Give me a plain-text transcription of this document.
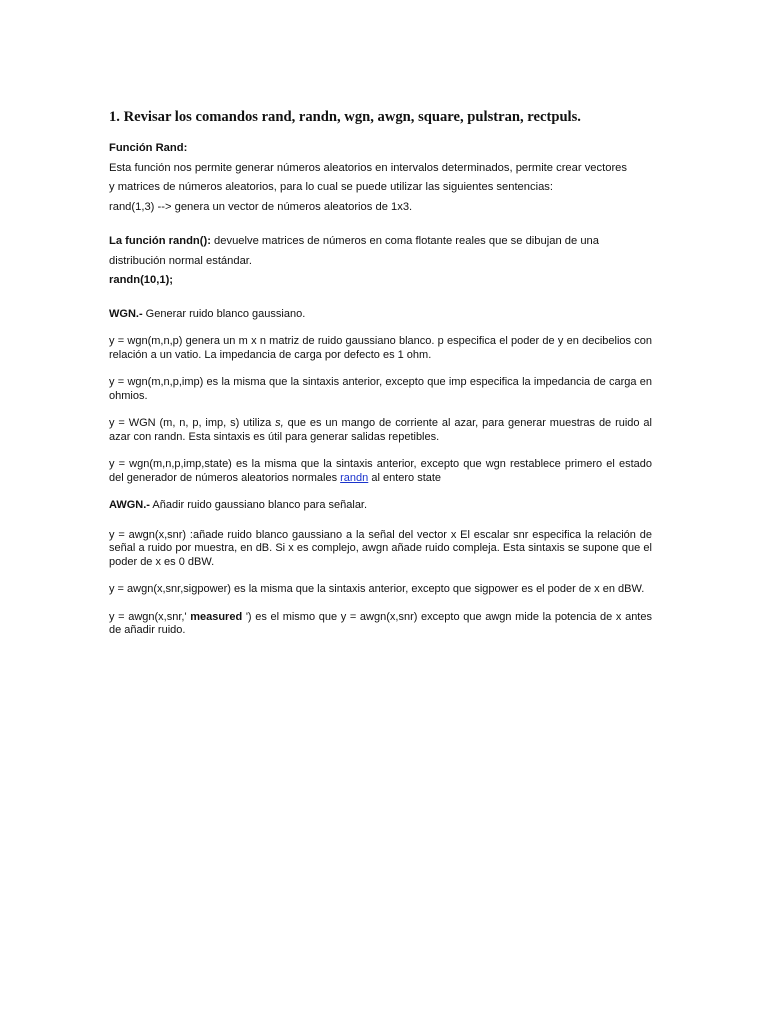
1. Revisar los comandos rand, randn, wgn, awgn, square, pulstran, rectpuls.
Función Rand:
Esta función nos permite generar números aleatorios en intervalos determinados, permite crear vectores
y matrices de números aleatorios, para lo cual se puede utilizar las siguientes sentencias:
rand(1,3) --> genera un vector de números aleatorios de 1x3.
La función randn(): devuelve matrices de números en coma flotante reales que se dibujan de una
distribución normal estándar.
randn(10,1);
WGN.- Generar ruido blanco gaussiano.
y = wgn(m,n,p) genera un m x n matriz de ruido gaussiano blanco. p especifica el poder de y en decibelios con relación a un vatio. La impedancia de carga por defecto es 1 ohm.
y = wgn(m,n,p,imp) es la misma que la sintaxis anterior, excepto que imp especifica la impedancia de carga en ohmios.
y = WGN (m, n, p, imp, s) utiliza s, que es un mango de corriente al azar, para generar muestras de ruido al azar con randn. Esta sintaxis es útil para generar salidas repetibles.
y = wgn(m,n,p,imp,state) es la misma que la sintaxis anterior, excepto que wgn restablece primero el estado del generador de números aleatorios normales randn al entero state
AWGN.- Añadir ruido gaussiano blanco para señalar.
y = awgn(x,snr) :añade ruido blanco gaussiano a la señal del vector x El escalar snr especifica la relación de señal a ruido por muestra, en dB. Si x es complejo, awgn añade ruido compleja. Esta sintaxis se supone que el poder de x es 0 dBW.
y = awgn(x,snr,sigpower) es la misma que la sintaxis anterior, excepto que sigpower es el poder de x en dBW.
y = awgn(x,snr,' measured ') es el mismo que y = awgn(x,snr) excepto que awgn mide la potencia de x antes de añadir ruido.
